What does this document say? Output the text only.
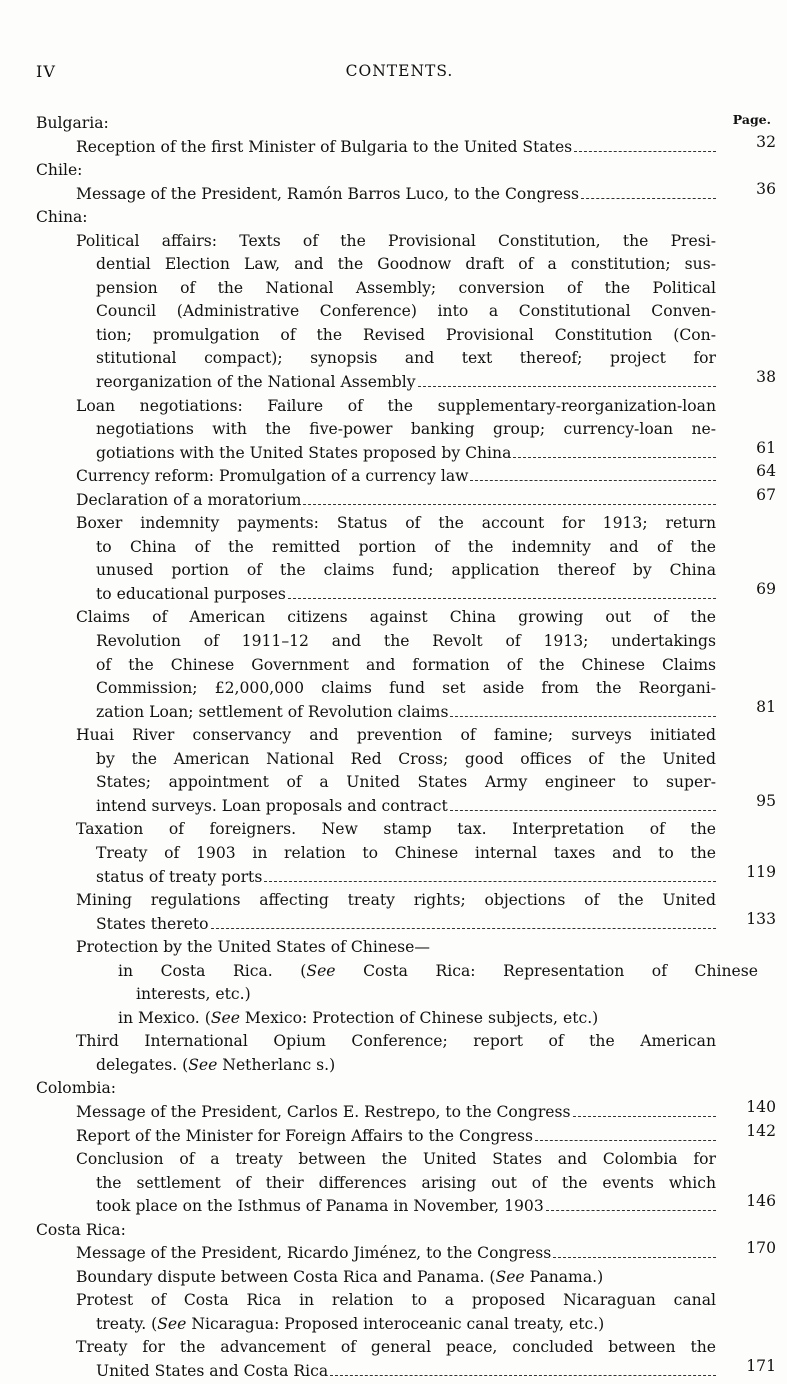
IV	CONTENTS.
Page.
Bulgaria:
Reception of the first Minister of Bulgaria to the United States	32
Chile:
Message of the President, Ramón Barros Luco, to the Congress	36
China:
Political affairs: Texts of the Provisional Constitution, the Presi-
dential Election Law, and the Goodnow draft of a constitution; sus-
pension of the National Assembly; conversion of the Political
Council (Administrative Conference) into a Constitutional Conven-
tion; promulgation of the Revised Provisional Constitution (Con-
stitutional compact); synopsis and text thereof; project for
reorganization of the National Assembly	38
Loan negotiations: Failure of the supplementary-reorganization-loan
negotiations with the five-power banking group; currency-loan ne-
gotiations with the United States proposed by China	61
Currency reform: Promulgation of a currency law	64
Declaration of a moratorium	67
Boxer indemnity payments: Status of the account for 1913; return
to China of the remitted portion of the indemnity and of the
unused portion of the claims fund; application thereof by China
to educational purposes	69
Claims of American citizens against China growing out of the
Revolution of 1911–12 and the Revolt of 1913; undertakings
of the Chinese Government and formation of the Chinese Claims
Commission; £2,000,000 claims fund set aside from the Reorgani-
zation Loan; settlement of Revolution claims	81
Huai River conservancy and prevention of famine; surveys initiated
by the American National Red Cross; good offices of the United
States; appointment of a United States Army engineer to super-
intend surveys. Loan proposals and contract	95
Taxation of foreigners. New stamp tax. Interpretation of the
Treaty of 1903 in relation to Chinese internal taxes and to the
status of treaty ports	119
Mining regulations affecting treaty rights; objections of the United
States thereto	133
Protection by the United States of Chinese—
in Costa Rica. (See Costa Rica: Representation of Chinese
interests, etc.)
in Mexico. (See Mexico: Protection of Chinese subjects, etc.)
Third International Opium Conference; report of the American
delegates. (See Netherlanc s.)
Colombia:
Message of the President, Carlos E. Restrepo, to the Congress	140
Report of the Minister for Foreign Affairs to the Congress	142
Conclusion of a treaty between the United States and Colombia for
the settlement of their differences arising out of the events which
took place on the Isthmus of Panama in November, 1903	146
Costa Rica:
Message of the President, Ricardo Jiménez, to the Congress	170
Boundary dispute between Costa Rica and Panama. (See Panama.)
Protest of Costa Rica in relation to a proposed Nicaraguan canal
treaty. (See Nicaragua: Proposed interoceanic canal treaty, etc.)
Treaty for the advancement of general peace, concluded between the
United States and Costa Rica	171
